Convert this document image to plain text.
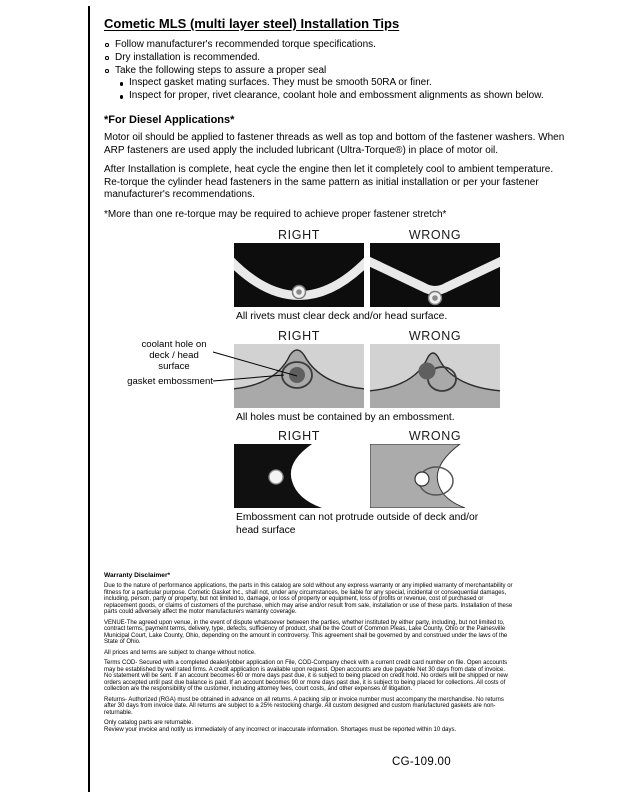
Cometic MLS (multi layer steel) Installation Tips
Follow manufacturer's recommended torque specifications.
Dry installation is recommended.
Take the following steps to assure a proper seal
Inspect gasket mating surfaces. They must be smooth 50RA or finer.
Inspect for proper, rivet clearance, coolant hole and embossment alignments as shown below.
*For Diesel Applications*

Motor oil should be applied to fastener threads as well as top and bottom of the fastener washers. When ARP fasteners are used apply the included lubricant (Ultra-Torque®) in place of motor oil.

After Installation is complete, heat cycle the engine then let it completely cool to ambient temperature. Re-torque the cylinder head fasteners in the same pattern as initial installation or per your fastener manufacturer's recommendations.

*More than one re-torque may be required to achieve proper fastener stretch*

RIGHT	WRONG
All rivets must clear deck and/or head surface.
RIGHT	WRONG
All holes must be contained by an embossment.
coolant hole on deck / head surface
gasket embossment
RIGHT	WRONG
Embossment can not protrude outside of deck and/or head surface
Warranty Disclaimer*

Due to the nature of performance applications, the parts in this catalog are sold without any express warranty or any implied warranty of merchantability or fitness for a particular purpose. Cometic Gasket Inc., shall not, under any circumstances, be liable for any special, incidental or consequential damages, including, person, party or property, but not limited to, damage, or loss of property or equipment, loss of profits or revenue, cost of purchased or replacement goods, or claims of customers of the purchase, which may arise and/or result from sale, installation or use of these parts. Installation of these parts could adversely affect the motor manufacturers warranty coverage.

VENUE-The agreed upon venue, in the event of dispute whatsoever between the parties, whether instituted by either party, including, but not limited to, contract terms, payment terms, delivery, type, defects, sufficiency of product, shall be the Court of Common Pleas, Lake County, Ohio or the Painesville Municipal Court, Lake County, Ohio, depending on the amount in controversy. This agreement shall be governed by and construed under the laws of the State of Ohio.

All prices and terms are subject to change without notice.

Terms COD- Secured with a completed dealer/jobber application on File, COD-Company check with a current credit card number on file. Open accounts may be established by well rated firms. A credit application is available upon request. Open accounts are due payable Net 30 days from date of invoice. No statement will be sent. If an account becomes 60 or more days past due, it is subject to being placed on credit hold. No orders will be shipped or new orders accepted until past due balance is paid. If an account becomes 90 or more days past due, it is subject to being placed for collections. All costs of collection are the responsibility of the customer, including attorney fees, court costs, and other expenses of litigation.

Returns- Authorized (RGA) must be obtained in advance on all returns. A packing slip or invoice number must accompany the merchandise. No returns after 30 days from invoice date. All returns are subject to a 25% restocking charge. All custom designed and custom manufactured gaskets are non-returnable.

Only catalog parts are returnable.

Review your invoice and notify us immediately of any incorrect or inaccurate information. Shortages must be reported within 10 days.

CG-109.00
